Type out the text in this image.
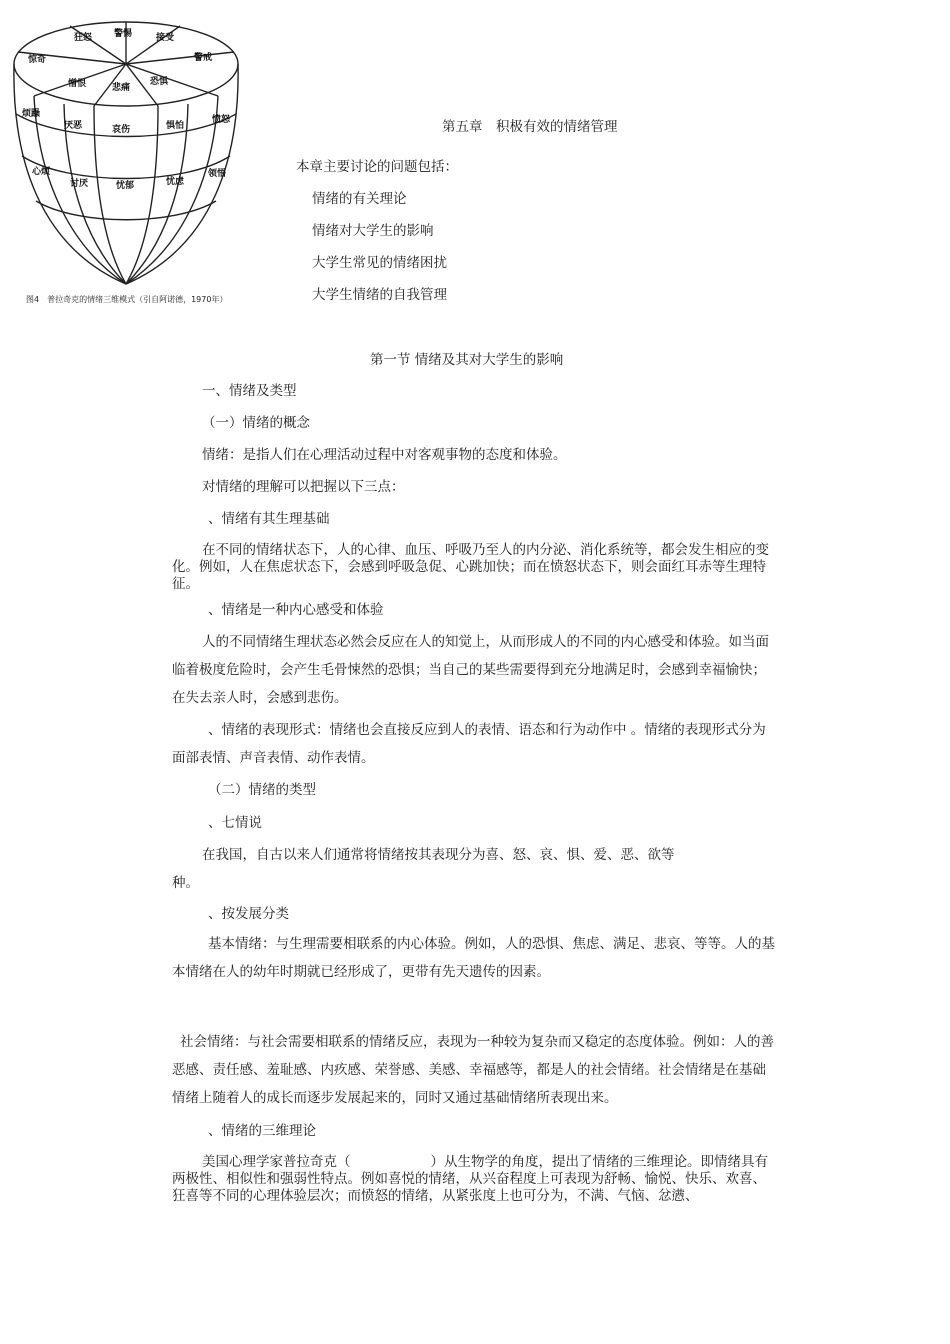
狂怒 警惕	接受
警戒
憎恨	悲痛
恐惧
惊奇
厌恶	哀伤	惧怕
愤怒
讨厌	忧郁	忧虑
烦躁
心烦	领悟
图4　普拉奇克的情绪三维模式（引自阿诺德，1970年）
第五章　积极有效的情绪管理
本章主要讨论的问题包括：
情绪的有关理论
情绪对大学生的影响
大学生常见的情绪困扰
大学生情绪的自我管理
第一节 情绪及其对大学生的影响
一、情绪及类型
（一）情绪的概念
情绪：是指人们在心理活动过程中对客观事物的态度和体验。
对情绪的理解可以把握以下三点：
、情绪有其生理基础
在不同的情绪状态下，人的心律、血压、呼吸乃至人的内分泌、消化系统等，都会发生相应的变化。例如，人在焦虑状态下，会感到呼吸急促、心跳加快；而在愤怒状态下，则会面红耳赤等生理特征。
、情绪是一种内心感受和体验
人的不同情绪生理状态必然会反应在人的知觉上，从而形成人的不同的内心感受和体验。如当面临着极度危险时，会产生毛骨悚然的恐惧；当自己的某些需要得到充分地满足时，会感到幸福愉快；在失去亲人时，会感到悲伤。
、情绪的表现形式：情绪也会直接反应到人的表情、语态和行为动作中 。情绪的表现形式分为面部表情、声音表情、动作表情。
（二）情绪的类型
、七情说
在我国，自古以来人们通常将情绪按其表现分为喜、怒、哀、惧、爱、恶、欲等
种。
、按发展分类
基本情绪：与生理需要相联系的内心体验。例如，人的恐惧、焦虑、满足、悲哀、等等。人的基本情绪在人的幼年时期就已经形成了，更带有先天遗传的因素。
社会情绪：与社会需要相联系的情绪反应，表现为一种较为复杂而又稳定的态度体验。例如：人的善恶感、责任感、羞耻感、内疚感、荣誉感、美感、幸福感等，都是人的社会情绪。社会情绪是在基础情绪上随着人的成长而逐步发展起来的，同时又通过基础情绪所表现出来。
、情绪的三维理论
美国心理学家普拉奇克（	）从生物学的角度，提出了情绪的三维理论。即情绪具有两极性、相似性和强弱性特点。例如喜悦的情绪，从兴奋程度上可表现为舒畅、愉悦、快乐、欢喜、狂喜等不同的心理体验层次；而愤怒的情绪，从紧张度上也可分为，不满、气恼、忿懑、
